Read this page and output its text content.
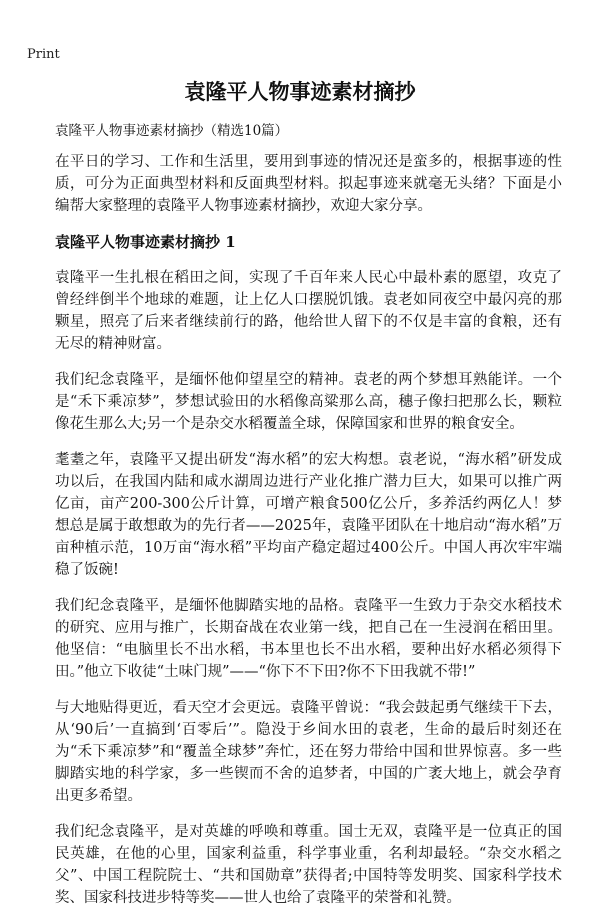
Print
袁隆平人物事迹素材摘抄

袁隆平人物事迹素材摘抄（精选10篇）

在平日的学习、工作和生活里，要用到事迹的情况还是蛮多的，根据事迹的性质，可分为正面典型材料和反面典型材料。拟起事迹来就毫无头绪？下面是小编帮大家整理的袁隆平人物事迹素材摘抄，欢迎大家分享。

袁隆平人物事迹素材摘抄 1

袁隆平一生扎根在稻田之间，实现了千百年来人民心中最朴素的愿望，攻克了曾经绊倒半个地球的难题，让上亿人口摆脱饥饿。袁老如同夜空中最闪亮的那颗星，照亮了后来者继续前行的路，他给世人留下的不仅是丰富的食粮，还有无尽的精神财富。

我们纪念袁隆平，是缅怀他仰望星空的精神。袁老的两个梦想耳熟能详。一个是“禾下乘凉梦”，梦想试验田的水稻像高粱那么高，穗子像扫把那么长，颗粒像花生那么大;另一个是杂交水稻覆盖全球，保障国家和世界的粮食安全。

耄耋之年，袁隆平又提出研发“海水稻”的宏大构想。袁老说，“海水稻”研发成功以后，在我国内陆和咸水湖周边进行产业化推广潜力巨大，如果可以推广两亿亩，亩产200-300公斤计算，可增产粮食500亿公斤，多养活约两亿人！梦想总是属于敢想敢为的先行者——2025年，袁隆平团队在十地启动“海水稻”万亩种植示范，10万亩“海水稻”平均亩产稳定超过400公斤。中国人再次牢牢端稳了饭碗!

我们纪念袁隆平，是缅怀他脚踏实地的品格。袁隆平一生致力于杂交水稻技术的研究、应用与推广，长期奋战在农业第一线，把自己在一生浸润在稻田里。他坚信：“电脑里长不出水稻，书本里也长不出水稻，要种出好水稻必须得下田。”他立下收徒“土味门规”——“你下不下田?你不下田我就不带!”

与大地贴得更近，看天空才会更远。袁隆平曾说：“我会鼓起勇气继续干下去，从‘90后’一直搞到‘百零后’”。隐没于乡间水田的袁老，生命的最后时刻还在为“禾下乘凉梦”和“覆盖全球梦”奔忙，还在努力带给中国和世界惊喜。多一些脚踏实地的科学家，多一些锲而不舍的追梦者，中国的广袤大地上，就会孕育出更多希望。

我们纪念袁隆平，是对英雄的呼唤和尊重。国士无双，袁隆平是一位真正的国民英雄，在他的心里，国家利益重，科学事业重，名利却最轻。“杂交水稻之父”、中国工程院院士、“共和国勋章”获得者;中国特等发明奖、国家科学技术奖、国家科技进步特等奖——世人也给了袁隆平的荣誉和礼赞。
